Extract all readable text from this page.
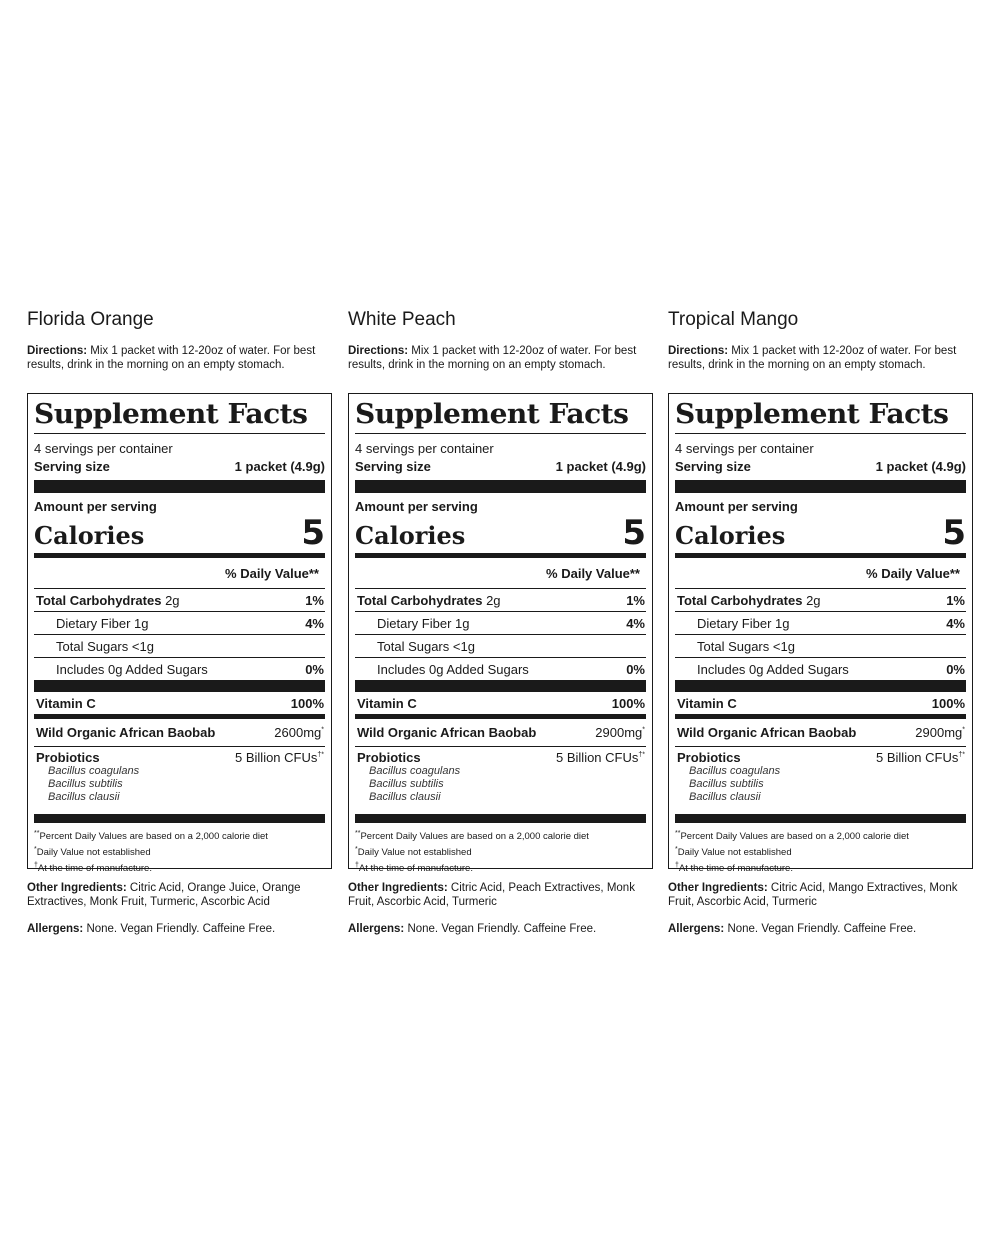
Florida Orange
Directions: Mix 1 packet with 12-20oz of water. For best results, drink in the morning on an empty stomach.
Supplement Facts
4 servings per container
Serving size	1 packet (4.9g)
Amount per serving
Calories	5
% Daily Value**
Total Carbohydrates 2g	1%
Dietary Fiber 1g	4%
Total Sugars <1g
Includes 0g Added Sugars	0%
Vitamin C	100%
Wild Organic African Baobab	2600mg*
Probiotics	5 Billion CFUs†*
Bacillus coagulans
Bacillus subtilis
Bacillus clausii
**Percent Daily Values are based on a 2,000 calorie diet
*Daily Value not established
†At the time of manufacture.
Other Ingredients: Citric Acid, Orange Juice, Orange Extractives, Monk Fruit, Turmeric, Ascorbic Acid
Allergens: None. Vegan Friendly. Caffeine Free.
White Peach
Directions: Mix 1 packet with 12-20oz of water. For best results, drink in the morning on an empty stomach.
Supplement Facts
4 servings per container
Serving size	1 packet (4.9g)
Amount per serving
Calories	5
% Daily Value**
Total Carbohydrates 2g	1%
Dietary Fiber 1g	4%
Total Sugars <1g
Includes 0g Added Sugars	0%
Vitamin C	100%
Wild Organic African Baobab	2900mg*
Probiotics	5 Billion CFUs†*
Bacillus coagulans
Bacillus subtilis
Bacillus clausii
**Percent Daily Values are based on a 2,000 calorie diet
*Daily Value not established
†At the time of manufacture.
Other Ingredients: Citric Acid, Peach Extractives, Monk Fruit, Ascorbic Acid, Turmeric
Allergens: None. Vegan Friendly. Caffeine Free.
Tropical Mango
Directions: Mix 1 packet with 12-20oz of water. For best results, drink in the morning on an empty stomach.
Supplement Facts
4 servings per container
Serving size	1 packet (4.9g)
Amount per serving
Calories	5
% Daily Value**
Total Carbohydrates 2g	1%
Dietary Fiber 1g	4%
Total Sugars <1g
Includes 0g Added Sugars	0%
Vitamin C	100%
Wild Organic African Baobab	2900mg*
Probiotics	5 Billion CFUs†*
Bacillus coagulans
Bacillus subtilis
Bacillus clausii
**Percent Daily Values are based on a 2,000 calorie diet
*Daily Value not established
†At the time of manufacture.
Other Ingredients: Citric Acid, Mango Extractives, Monk Fruit, Ascorbic Acid, Turmeric
Allergens: None. Vegan Friendly. Caffeine Free.
